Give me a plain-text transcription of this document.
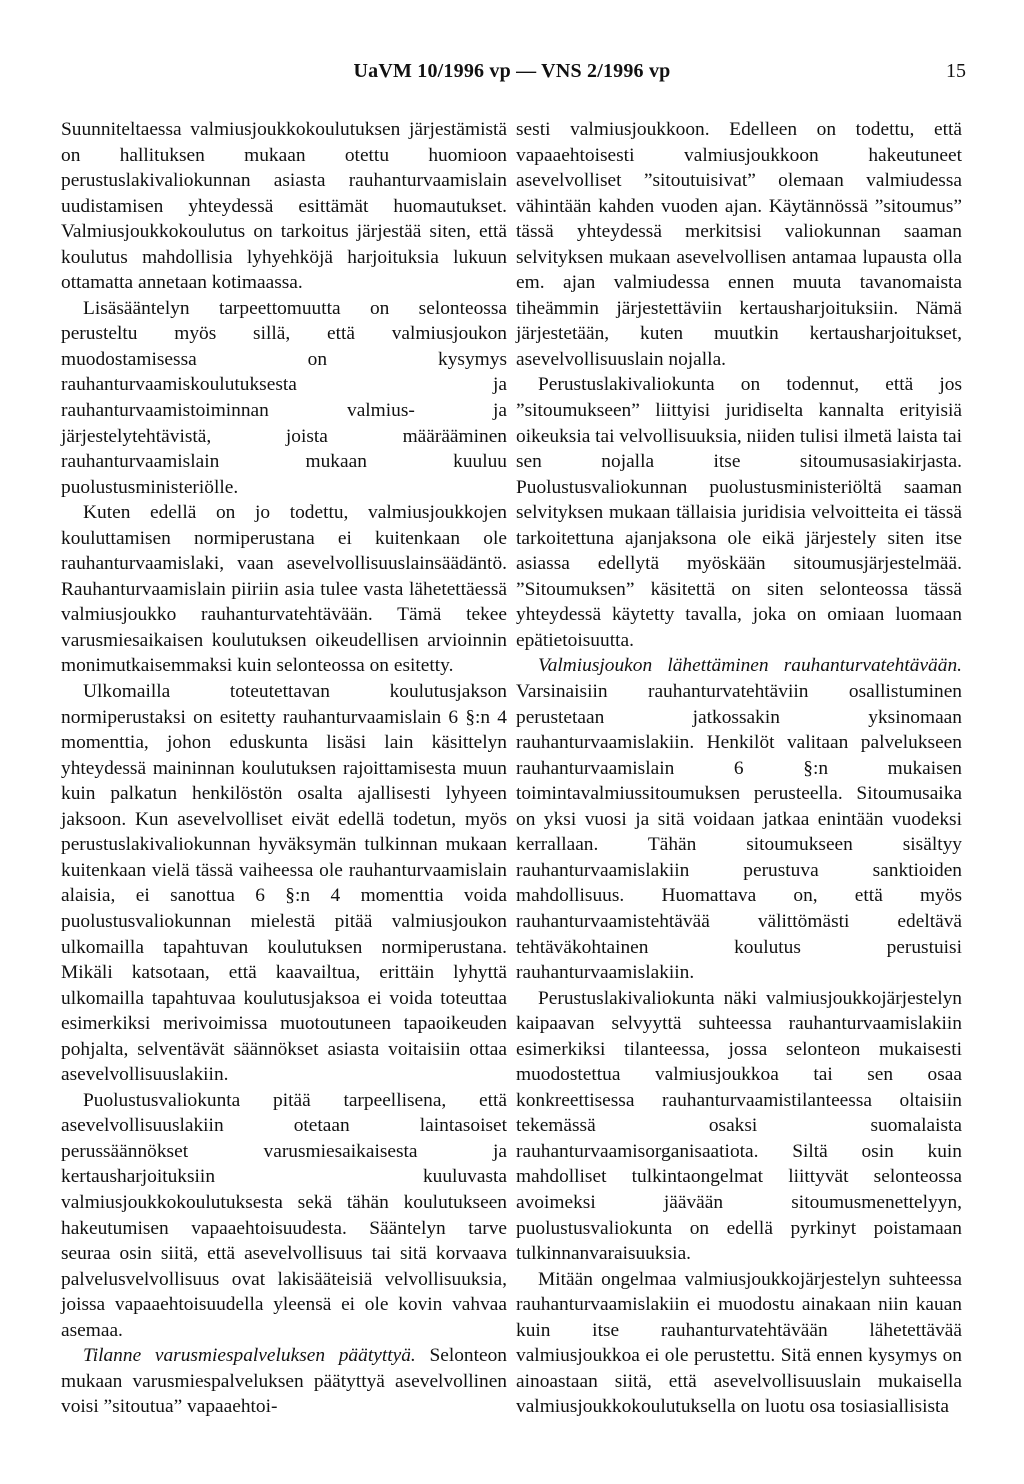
UaVM 10/1996 vp — VNS 2/1996 vp	15

Suunniteltaessa valmiusjoukkokoulutuksen järjestämistä on hallituksen mukaan otettu huomioon perustuslakivaliokunnan asiasta rauhanturvaamislain uudistamisen yhteydessä esittämät huomautukset. Valmiusjoukkokoulutus on tarkoitus järjestää siten, että koulutus mahdollisia lyhyehköjä harjoituksia lukuun ottamatta annetaan kotimaassa.

Lisäsääntelyn tarpeettomuutta on selonteossa perusteltu myös sillä, että valmiusjoukon muodostamisessa on kysymys rauhanturvaamiskoulutuksesta ja rauhanturvaamistoiminnan valmius- ja järjestelytehtävistä, joista määrääminen rauhanturvaamislain mukaan kuuluu puolustusministeriölle.

Kuten edellä on jo todettu, valmiusjoukkojen kouluttamisen normiperustana ei kuitenkaan ole rauhanturvaamislaki, vaan asevelvollisuuslainsäädäntö. Rauhanturvaamislain piiriin asia tulee vasta lähetettäessä valmiusjoukko rauhanturvatehtävään. Tämä tekee varusmiesaikaisen koulutuksen oikeudellisen arvioinnin monimutkaisemmaksi kuin selonteossa on esitetty.

Ulkomailla toteutettavan koulutusjakson normiperustaksi on esitetty rauhanturvaamislain 6 §:n 4 momenttia, johon eduskunta lisäsi lain käsittelyn yhteydessä maininnan koulutuksen rajoittamisesta muun kuin palkatun henkilöstön osalta ajallisesti lyhyeen jaksoon. Kun asevelvolliset eivät edellä todetun, myös perustuslakivaliokunnan hyväksymän tulkinnan mukaan kuitenkaan vielä tässä vaiheessa ole rauhanturvaamislain alaisia, ei sanottua 6 §:n 4 momenttia voida puolustusvaliokunnan mielestä pitää valmiusjoukon ulkomailla tapahtuvan koulutuksen normiperustana. Mikäli katsotaan, että kaavailtua, erittäin lyhyttä ulkomailla tapahtuvaa koulutusjaksoa ei voida toteuttaa esimerkiksi merivoimissa muotoutuneen tapaoikeuden pohjalta, selventävät säännökset asiasta voitaisiin ottaa asevelvollisuuslakiin.

Puolustusvaliokunta pitää tarpeellisena, että asevelvollisuuslakiin otetaan laintasoiset perussäännökset varusmiesaikaisesta ja kertausharjoituksiin kuuluvasta valmiusjoukkokoulutuksesta sekä tähän koulutukseen hakeutumisen vapaaehtoisuudesta. Sääntelyn tarve seuraa osin siitä, että asevelvollisuus tai sitä korvaava palvelusvelvollisuus ovat lakisääteisiä velvollisuuksia, joissa vapaaehtoisuudella yleensä ei ole kovin vahvaa asemaa.

Tilanne varusmiespalveluksen päätyttyä. Selonteon mukaan varusmiespalveluksen päätyttyä asevelvollinen voisi ”sitoutua” vapaaehtoi-

sesti valmiusjoukkoon. Edelleen on todettu, että vapaaehtoisesti valmiusjoukkoon hakeutuneet asevelvolliset ”sitoutuisivat” olemaan valmiudessa vähintään kahden vuoden ajan. Käytännössä ”sitoumus” tässä yhteydessä merkitsisi valiokunnan saaman selvityksen mukaan asevelvollisen antamaa lupausta olla em. ajan valmiudessa ennen muuta tavanomaista tiheämmin järjestettäviin kertausharjoituksiin. Nämä järjestetään, kuten muutkin kertausharjoitukset, asevelvollisuuslain nojalla.

Perustuslakivaliokunta on todennut, että jos ”sitoumukseen” liittyisi juridiselta kannalta erityisiä oikeuksia tai velvollisuuksia, niiden tulisi ilmetä laista tai sen nojalla itse sitoumusasiakirjasta. Puolustusvaliokunnan puolustusministeriöltä saaman selvityksen mukaan tällaisia juridisia velvoitteita ei tässä tarkoitettuna ajanjaksona ole eikä järjestely siten itse asiassa edellytä myöskään sitoumusjärjestelmää. ”Sitoumuksen” käsitettä on siten selonteossa tässä yhteydessä käytetty tavalla, joka on omiaan luomaan epätietoisuutta.

Valmiusjoukon lähettäminen rauhanturvatehtävään. Varsinaisiin rauhanturvatehtäviin osallistuminen perustetaan jatkossakin yksinomaan rauhanturvaamislakiin. Henkilöt valitaan palvelukseen rauhanturvaamislain 6 §:n mukaisen toimintavalmiussitoumuksen perusteella. Sitoumusaika on yksi vuosi ja sitä voidaan jatkaa enintään vuodeksi kerrallaan. Tähän sitoumukseen sisältyy rauhanturvaamislakiin perustuva sanktioiden mahdollisuus. Huomattava on, että myös rauhanturvaamistehtävää välittömästi edeltävä tehtäväkohtainen koulutus perustuisi rauhanturvaamislakiin.

Perustuslakivaliokunta näki valmiusjoukkojärjestelyn kaipaavan selvyyttä suhteessa rauhanturvaamislakiin esimerkiksi tilanteessa, jossa selonteon mukaisesti muodostettua valmiusjoukkoa tai sen osaa konkreettisessa rauhanturvaamistilanteessa oltaisiin tekemässä osaksi suomalaista rauhanturvaamisorganisaatiota. Siltä osin kuin mahdolliset tulkintaongelmat liittyvät selonteossa avoimeksi jäävään sitoumusmenettelyyn, puolustusvaliokunta on edellä pyrkinyt poistamaan tulkinnanvaraisuuksia.

Mitään ongelmaa valmiusjoukkojärjestelyn suhteessa rauhanturvaamislakiin ei muodostu ainakaan niin kauan kuin itse rauhanturvatehtävään lähetettävää valmiusjoukkoa ei ole perustettu. Sitä ennen kysymys on ainoastaan siitä, että asevelvollisuuslain mukaisella valmiusjoukkokoulutuksella on luotu osa tosiasiallisista
